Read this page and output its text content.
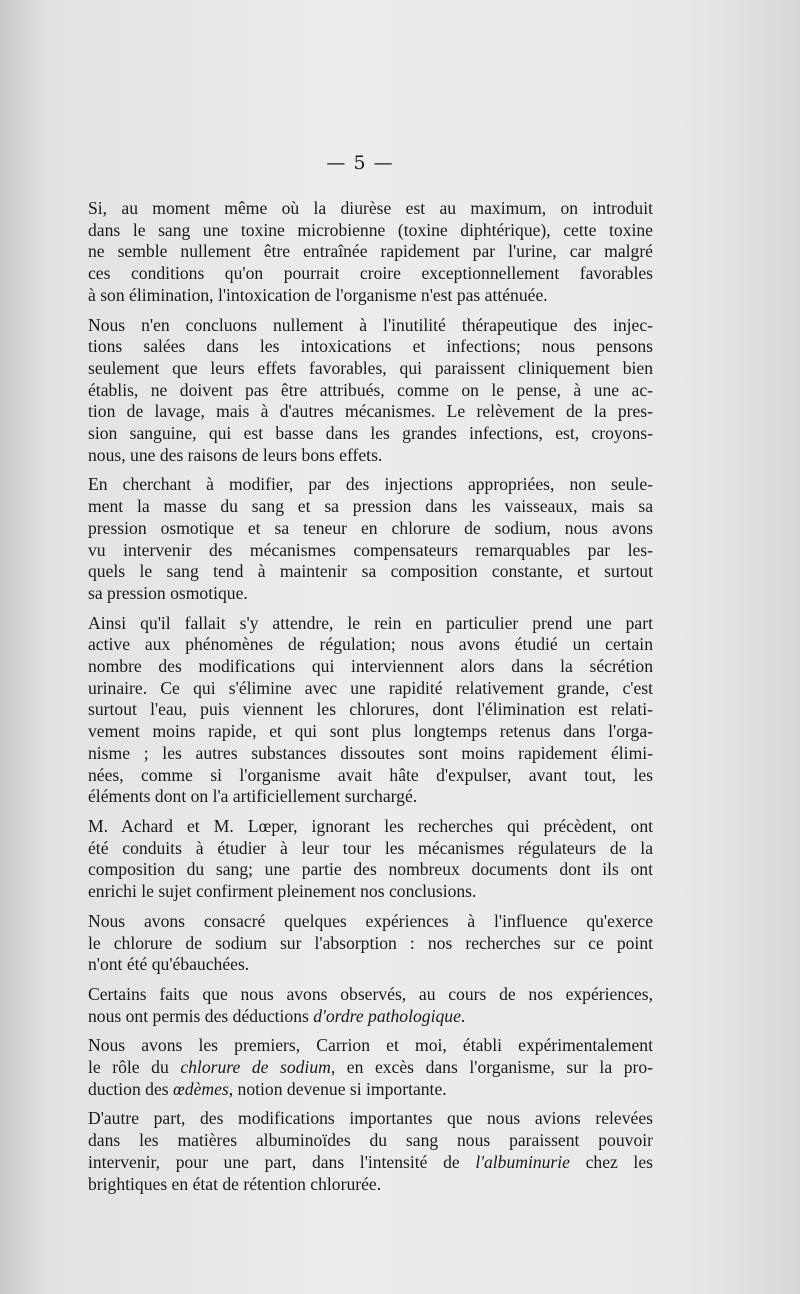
— 5 —

Si, au moment même où la diurèse est au maximum, on introduit
dans le sang une toxine microbienne (toxine diphtérique), cette toxine
ne semble nullement être entraînée rapidement par l'urine, car malgré
ces conditions qu'on pourrait croire exceptionnellement favorables
à son élimination, l'intoxication de l'organisme n'est pas atténuée.

Nous n'en concluons nullement à l'inutilité thérapeutique des injec-
tions salées dans les intoxications et infections; nous pensons
seulement que leurs effets favorables, qui paraissent cliniquement bien
établis, ne doivent pas être attribués, comme on le pense, à une ac-
tion de lavage, mais à d'autres mécanismes. Le relèvement de la pres-
sion sanguine, qui est basse dans les grandes infections, est, croyons-
nous, une des raisons de leurs bons effets.

En cherchant à modifier, par des injections appropriées, non seule-
ment la masse du sang et sa pression dans les vaisseaux, mais sa
pression osmotique et sa teneur en chlorure de sodium, nous avons
vu intervenir des mécanismes compensateurs remarquables par les-
quels le sang tend à maintenir sa composition constante, et surtout
sa pression osmotique.

Ainsi qu'il fallait s'y attendre, le rein en particulier prend une part
active aux phénomènes de régulation; nous avons étudié un certain
nombre des modifications qui interviennent alors dans la sécrétion
urinaire. Ce qui s'élimine avec une rapidité relativement grande, c'est
surtout l'eau, puis viennent les chlorures, dont l'élimination est relati-
vement moins rapide, et qui sont plus longtemps retenus dans l'orga-
nisme ; les autres substances dissoutes sont moins rapidement élimi-
nées, comme si l'organisme avait hâte d'expulser, avant tout, les
éléments dont on l'a artificiellement surchargé.

M. Achard et M. Lœper, ignorant les recherches qui précèdent, ont
été conduits à étudier à leur tour les mécanismes régulateurs de la
composition du sang; une partie des nombreux documents dont ils ont
enrichi le sujet confirment pleinement nos conclusions.

Nous avons consacré quelques expériences à l'influence qu'exerce
le chlorure de sodium sur l'absorption : nos recherches sur ce point
n'ont été qu'ébauchées.

Certains faits que nous avons observés, au cours de nos expériences,
nous ont permis des déductions d'ordre pathologique.

Nous avons les premiers, Carrion et moi, établi expérimentalement
le rôle du chlorure de sodium, en excès dans l'organisme, sur la pro-
duction des œdèmes, notion devenue si importante.

D'autre part, des modifications importantes que nous avions relevées
dans les matières albuminoïdes du sang nous paraissent pouvoir
intervenir, pour une part, dans l'intensité de l'albuminurie chez les
brightiques en état de rétention chlorurée.
